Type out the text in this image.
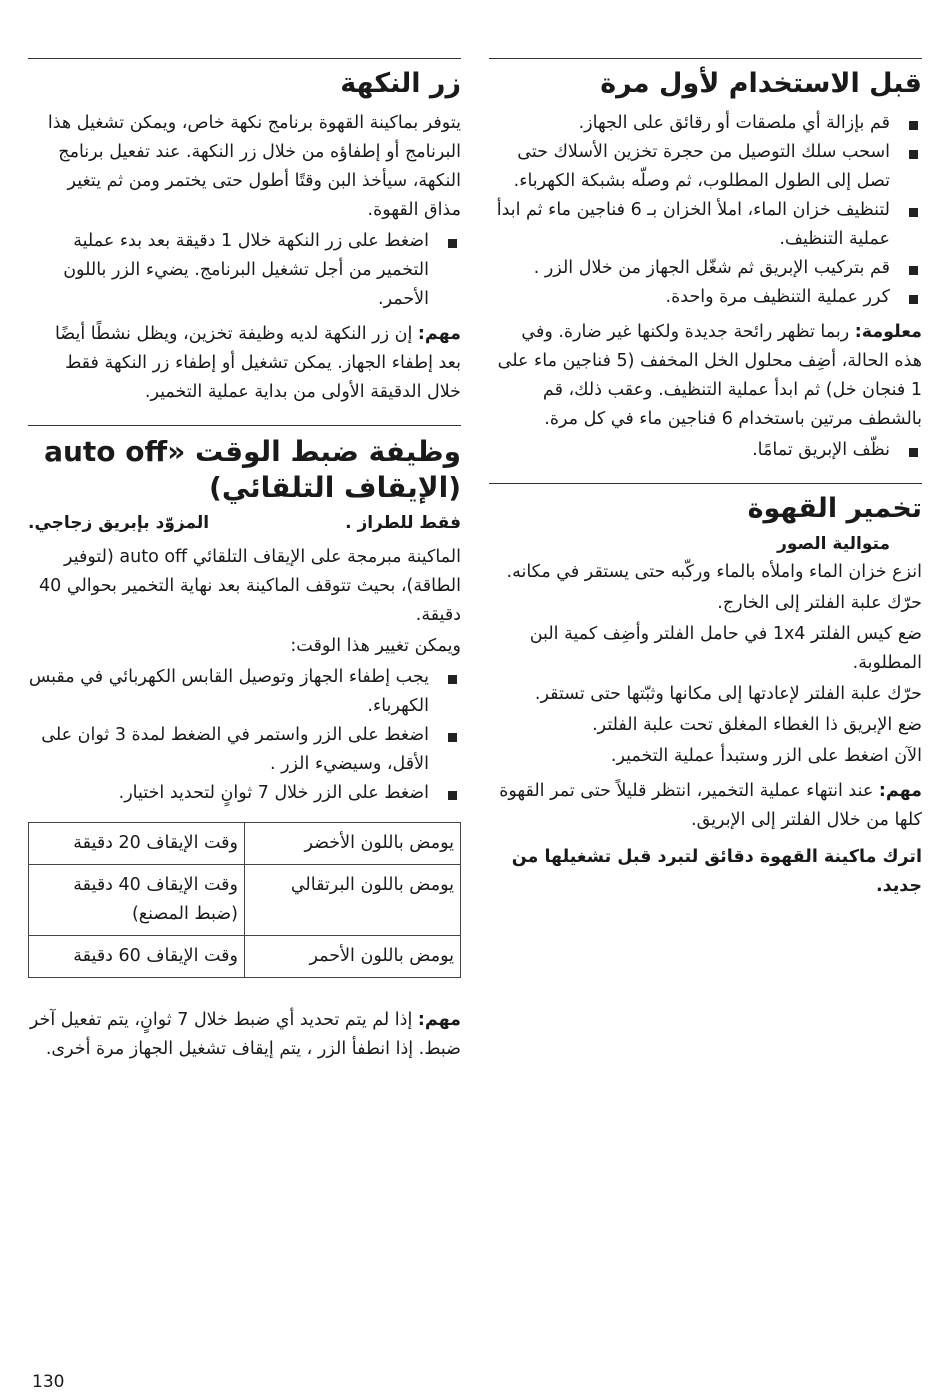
قبل الاستخدام لأول مرة
قم بإزالة أي ملصقات أو رقائق على الجهاز.
اسحب سلك التوصيل من حجرة تخزين الأسلاك حتى تصل إلى الطول المطلوب، ثم وصلّه بشبكة الكهرباء.
لتنظيف خزان الماء، املأ الخزان بـ 6 فناجين ماء ثم ابدأ عملية التنظيف.
قم بتركيب الإبريق ثم شغّل الجهاز من خلال الزر .
كرر عملية التنظيف مرة واحدة.

معلومة: ربما تظهر رائحة جديدة ولكنها غير ضارة. وفي هذه الحالة، أضِف محلول الخل المخفف (5 فناجين ماء على 1 فنجان خل) ثم ابدأ عملية التنظيف. وعقب ذلك، قم بالشطف مرتين باستخدام 6 فناجين ماء في كل مرة.

نظّف الإبريق تمامًا.
تخمير القهوة
متوالية الصور

انزع خزان الماء واملأه بالماء وركّبه حتى يستقر في مكانه.

حرّك علبة الفلتر إلى الخارج.

ضع كيس الفلتر 1x4 في حامل الفلتر وأضِف كمية البن المطلوبة.

حرّك علبة الفلتر لإعادتها إلى مكانها وثبّتها حتى تستقر.

ضع الإبريق ذا الغطاء المغلق تحت علبة الفلتر.

الآن اضغط على الزر وستبدأ عملية التخمير.

مهم: عند انتهاء عملية التخمير، انتظر قليلاً حتى تمر القهوة كلها من خلال الفلتر إلى الإبريق.

اترك ماكينة القهوة دقائق لتبرد قبل تشغيلها من جديد.

زر النكهة

يتوفر بماكينة القهوة برنامج نكهة خاص، ويمكن تشغيل هذا البرنامج أو إطفاؤه من خلال زر النكهة. عند تفعيل برنامج النكهة، سيأخذ البن وقتًا أطول حتى يختمر ومن ثم يتغير مذاق القهوة.

اضغط على زر النكهة خلال 1 دقيقة بعد بدء عملية التخمير من أجل تشغيل البرنامج. يضيء الزر باللون الأحمر.

مهم: إن زر النكهة لديه وظيفة تخزين، ويظل نشطًا أيضًا بعد إطفاء الجهاز. يمكن تشغيل أو إطفاء زر النكهة فقط خلال الدقيقة الأولى من بداية عملية التخمير.

وظيفة ضبط الوقت «auto off (الإيقاف التلقائي)
فقط للطراز .
المزوّد بإبريق زجاجي.

الماكينة مبرمجة على الإيقاف التلقائي auto off (لتوفير الطاقة)، بحيث تتوقف الماكينة بعد نهاية التخمير بحوالي 40 دقيقة.

ويمكن تغيير هذا الوقت:

يجب إطفاء الجهاز وتوصيل القابس الكهربائي في مقبس الكهرباء.
اضغط على الزر واستمر في الضغط لمدة 3 ثوان على الأقل، وسيضيء الزر .
اضغط على الزر خلال 7 ثوانٍ لتحديد اختيار.
يومض باللون الأخضر	وقت الإيقاف 20 دقيقة
يومض باللون البرتقالي	وقت الإيقاف 40 دقيقة (ضبط المصنع)
يومض باللون الأحمر	وقت الإيقاف 60 دقيقة

مهم: إذا لم يتم تحديد أي ضبط خلال 7 ثوانٍ، يتم تفعيل آخر ضبط. إذا انطفأ الزر ، يتم إيقاف تشغيل الجهاز مرة أخرى.

130
